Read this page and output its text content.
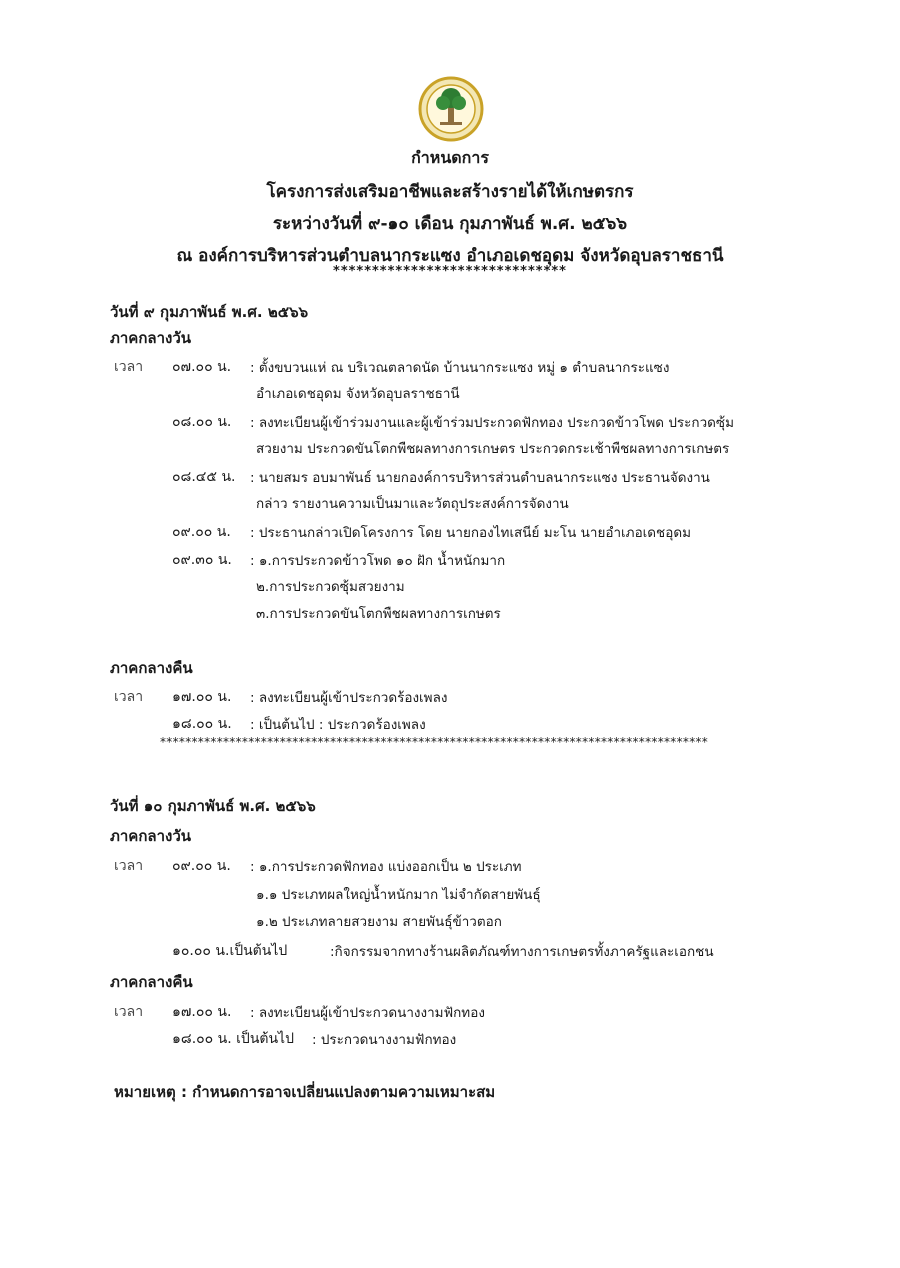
กำหนดการ
โครงการส่งเสริมอาชีพและสร้างรายได้ให้เกษตรกร
ระหว่างวันที่ ๙-๑๐ เดือน กุมภาพันธ์ พ.ศ. ๒๕๖๖
ณ องค์การบริหารส่วนตำบลนากระแซง อำเภอเดชอุดม จังหวัดอุบลราชธานี
******************************
วันที่ ๙ กุมภาพันธ์ พ.ศ. ๒๕๖๖
ภาคกลางวัน
เวลา ๐๗.๐๐ น. : ตั้งขบวนแห่ ณ บริเวณตลาดนัด บ้านนากระแซง หมู่ ๑ ตำบลนากระแซง
อำเภอเดชอุดม จังหวัดอุบลราชธานี
๐๘.๐๐ น. : ลงทะเบียนผู้เข้าร่วมงานและผู้เข้าร่วมประกวดฟักทอง ประกวดข้าวโพด ประกวดซุ้ม
สวยงาม ประกวดขันโตกพืชผลทางการเกษตร ประกวดกระเช้าพืชผลทางการเกษตร
๐๘.๔๕ น. : นายสมร อบมาพันธ์ นายกองค์การบริหารส่วนตำบลนากระแซง ประธานจัดงาน
กล่าว รายงานความเป็นมาและวัตถุประสงค์การจัดงาน
๐๙.๐๐ น. : ประธานกล่าวเปิดโครงการ โดย นายกองไทเสนีย์ มะโน นายอำเภอเดชอุดม
๐๙.๓๐ น. : ๑.การประกวดข้าวโพด ๑๐ ฝัก น้ำหนักมาก
๒.การประกวดซุ้มสวยงาม
๓.การประกวดขันโตกพืชผลทางการเกษตร
ภาคกลางคืน
เวลา ๑๗.๐๐ น. : ลงทะเบียนผู้เข้าประกวดร้องเพลง
๑๘.๐๐ น. : เป็นต้นไป : ประกวดร้องเพลง
***************************************************************************************
วันที่ ๑๐ กุมภาพันธ์ พ.ศ. ๒๕๖๖
ภาคกลางวัน
เวลา ๐๙.๐๐ น. : ๑.การประกวดฟักทอง แบ่งออกเป็น ๒ ประเภท
๑.๑ ประเภทผลใหญ่น้ำหนักมาก ไม่จำกัดสายพันธุ์
๑.๒ ประเภทลายสวยงาม สายพันธุ์ข้าวตอก
๑๐.๐๐ น.เป็นต้นไป	:กิจกรรมจากทางร้านผลิตภัณฑ์ทางการเกษตรทั้งภาครัฐและเอกชน
ภาคกลางคืน
เวลา ๑๗.๐๐ น. : ลงทะเบียนผู้เข้าประกวดนางงามฟักทอง
๑๘.๐๐ น. เป็นต้นไป : ประกวดนางงามฟักทอง
หมายเหตุ : กำหนดการอาจเปลี่ยนแปลงตามความเหมาะสม
